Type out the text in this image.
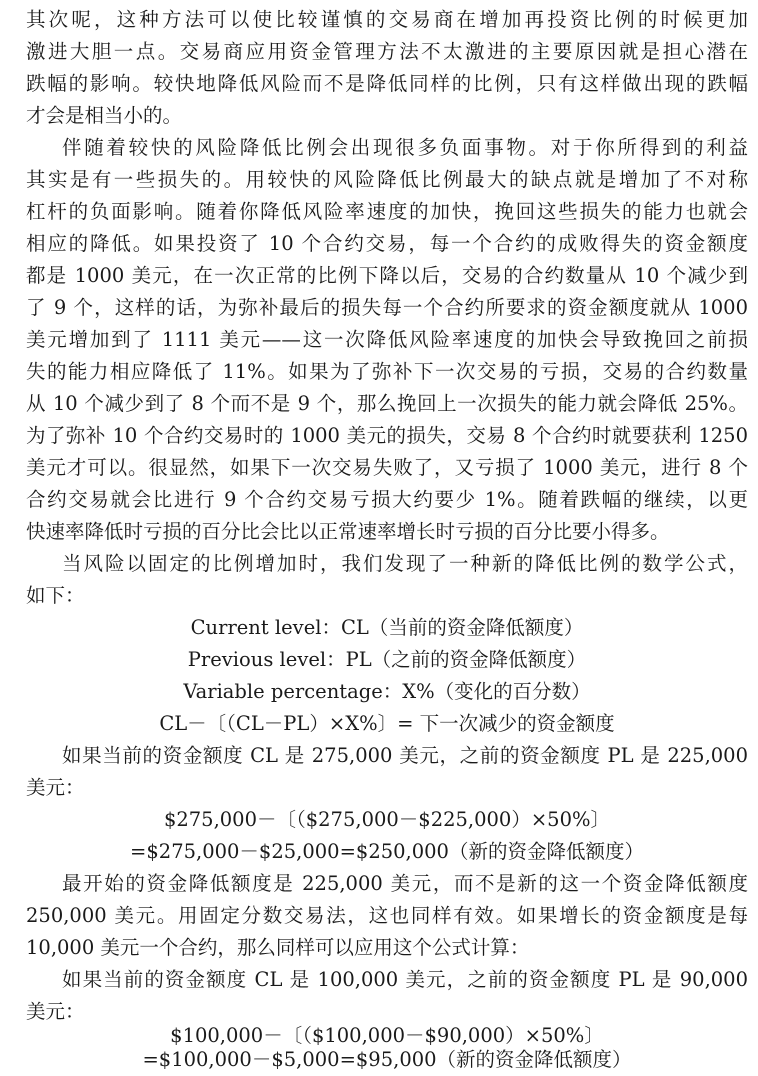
其次呢，这种方法可以使比较谨慎的交易商在增加再投资比例的时候更加
激进大胆一点。交易商应用资金管理方法不太激进的主要原因就是担心潜在
跌幅的影响。较快地降低风险而不是降低同样的比例，只有这样做出现的跌幅
才会是相当小的。
伴随着较快的风险降低比例会出现很多负面事物。对于你所得到的利益
其实是有一些损失的。用较快的风险降低比例最大的缺点就是增加了不对称
杠杆的负面影响。随着你降低风险率速度的加快，挽回这些损失的能力也就会
相应的降低。如果投资了 10 个合约交易，每一个合约的成败得失的资金额度
都是 1000 美元，在一次正常的比例下降以后，交易的合约数量从 10 个减少到
了 9 个，这样的话，为弥补最后的损失每一个合约所要求的资金额度就从 1000
美元增加到了 1111 美元——这一次降低风险率速度的加快会导致挽回之前损
失的能力相应降低了 11%。如果为了弥补下一次交易的亏损，交易的合约数量
从 10 个减少到了 8 个而不是 9 个，那么挽回上一次损失的能力就会降低 25%。
为了弥补 10 个合约交易时的 1000 美元的损失，交易 8 个合约时就要获利 1250
美元才可以。很显然，如果下一次交易失败了，又亏损了 1000 美元，进行 8 个
合约交易就会比进行 9 个合约交易亏损大约要少 1%。随着跌幅的继续，以更
快速率降低时亏损的百分比会比以正常速率增长时亏损的百分比要小得多。
当风险以固定的比例增加时，我们发现了一种新的降低比例的数学公式，
如下：
Current level：CL（当前的资金降低额度）
Previous level：PL（之前的资金降低额度）
Variable percentage：X%（变化的百分数）
CL－〔（CL－PL）×X%〕= 下一次减少的资金额度
如果当前的资金额度 CL 是 275,000 美元，之前的资金额度 PL 是 225,000
美元：
$275,000－〔（$275,000－$225,000）×50%〕
=$275,000－$25,000=$250,000（新的资金降低额度）
最开始的资金降低额度是 225,000 美元，而不是新的这一个资金降低额度
250,000 美元。用固定分数交易法，这也同样有效。如果增长的资金额度是每
10,000 美元一个合约，那么同样可以应用这个公式计算：
如果当前的资金额度 CL 是 100,000 美元，之前的资金额度 PL 是 90,000
美元：
$100,000－〔（$100,000－$90,000）×50%〕
=$100,000－$5,000=$95,000（新的资金降低额度）
